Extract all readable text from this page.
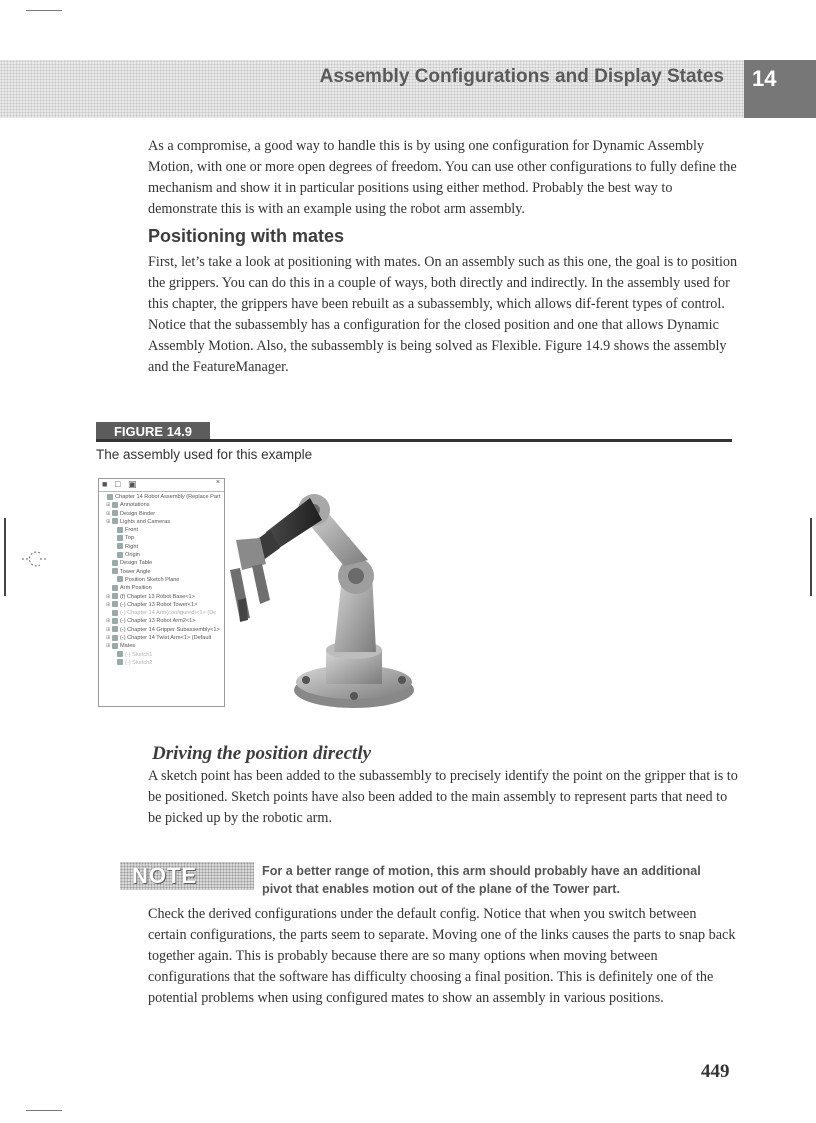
Assembly Configurations and Display States 14

As a compromise, a good way to handle this is by using one configuration for Dynamic Assembly Motion, with one or more open degrees of freedom. You can use other configurations to fully define the mechanism and show it in particular positions using either method. Probably the best way to demonstrate this is with an example using the robot arm assembly.

Positioning with mates

First, let’s take a look at positioning with mates. On an assembly such as this one, the goal is to position the grippers. You can do this in a couple of ways, both directly and indirectly. In the assembly used for this chapter, the grippers have been rebuilt as a subassembly, which allows dif-ferent types of control. Notice that the subassembly has a configuration for the closed position and one that allows Dynamic Assembly Motion. Also, the subassembly is being solved as Flexible. Figure 14.9 shows the assembly and the FeatureManager.

FIGURE 14.9
The assembly used for this example
■ □ ▣	×
Chapter 14 Robot Assembly (Replace Part
⊞ Annotations
⊞ Design Binder
⊞ Lights and Cameras
Front
Top
Right
Origin
Design Table
Tower Angle
Position Sketch Plane
Arm Position
⊞ (f) Chapter 13 Robot Base<1>
⊞ (-) Chapter 13 Robot Tower<1>
(-) Chapter 14 Arm(configured)<1> (De
⊞ (-) Chapter 13 Robot Arm2<1>
⊞ (-) Chapter 14 Gripper Subassembly<1>
⊞ (-) Chapter 14 Twist Arm<1> (Default
⊞ Mates
(-) Sketch1
(-) Sketch2
Driving the position directly

A sketch point has been added to the subassembly to precisely identify the point on the gripper that is to be positioned. Sketch points have also been added to the main assembly to represent parts that need to be picked up by the robotic arm.

NOTE	For a better range of motion, this arm should probably have an additional pivot that enables motion out of the plane of the Tower part.

Check the derived configurations under the default config. Notice that when you switch between certain configurations, the parts seem to separate. Moving one of the links causes the parts to snap back together again. This is probably because there are so many options when moving between configurations that the software has difficulty choosing a final position. This is definitely one of the potential problems when using configured mates to show an assembly in various positions.

449
